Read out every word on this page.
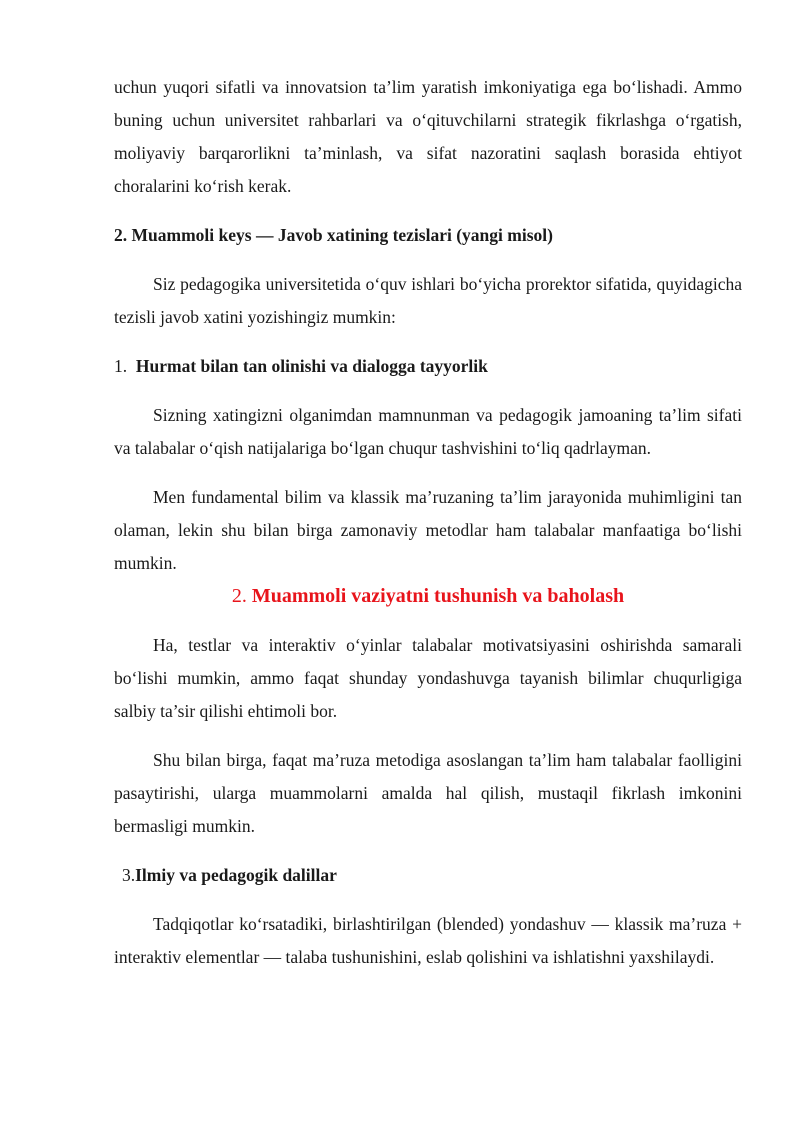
uchun yuqori sifatli va innovatsion ta’lim yaratish imkoniyatiga ega bo‘lishadi. Ammo buning uchun universitet rahbarlari va o‘qituvchilarni strategik fikrlashga o‘rgatish, moliyaviy barqarorlikni ta’minlash, va sifat nazoratini saqlash borasida ehtiyot choralarini ko‘rish kerak.

2. Muammoli keys — Javob xatining tezislari (yangi misol)

Siz pedagogika universitetida o‘quv ishlari bo‘yicha prorektor sifatida, quyidagicha tezisli javob xatini yozishingiz mumkin:

1. Hurmat bilan tan olinishi va dialogga tayyorlik

Sizning xatingizni olganimdan mamnunman va pedagogik jamoaning ta’lim sifati va talabalar o‘qish natijalariga bo‘lgan chuqur tashvishini to‘liq qadrlayman.

Men fundamental bilim va klassik ma’ruzaning ta’lim jarayonida muhimligini tan olaman, lekin shu bilan birga zamonaviy metodlar ham talabalar manfaatiga bo‘lishi mumkin.

2. Muammoli vaziyatni tushunish va baholash

Ha, testlar va interaktiv o‘yinlar talabalar motivatsiyasini oshirishda samarali bo‘lishi mumkin, ammo faqat shunday yondashuvga tayanish bilimlar chuqurligiga salbiy ta’sir qilishi ehtimoli bor.

Shu bilan birga, faqat ma’ruza metodiga asoslangan ta’lim ham talabalar faolligini pasaytirishi, ularga muammolarni amalda hal qilish, mustaqil fikrlash imkonini bermasligi mumkin.

3.Ilmiy va pedagogik dalillar

Tadqiqotlar ko‘rsatadiki, birlashtirilgan (blended) yondashuv — klassik ma’ruza + interaktiv elementlar — talaba tushunishini, eslab qolishini va ishlatishni yaxshilaydi.
